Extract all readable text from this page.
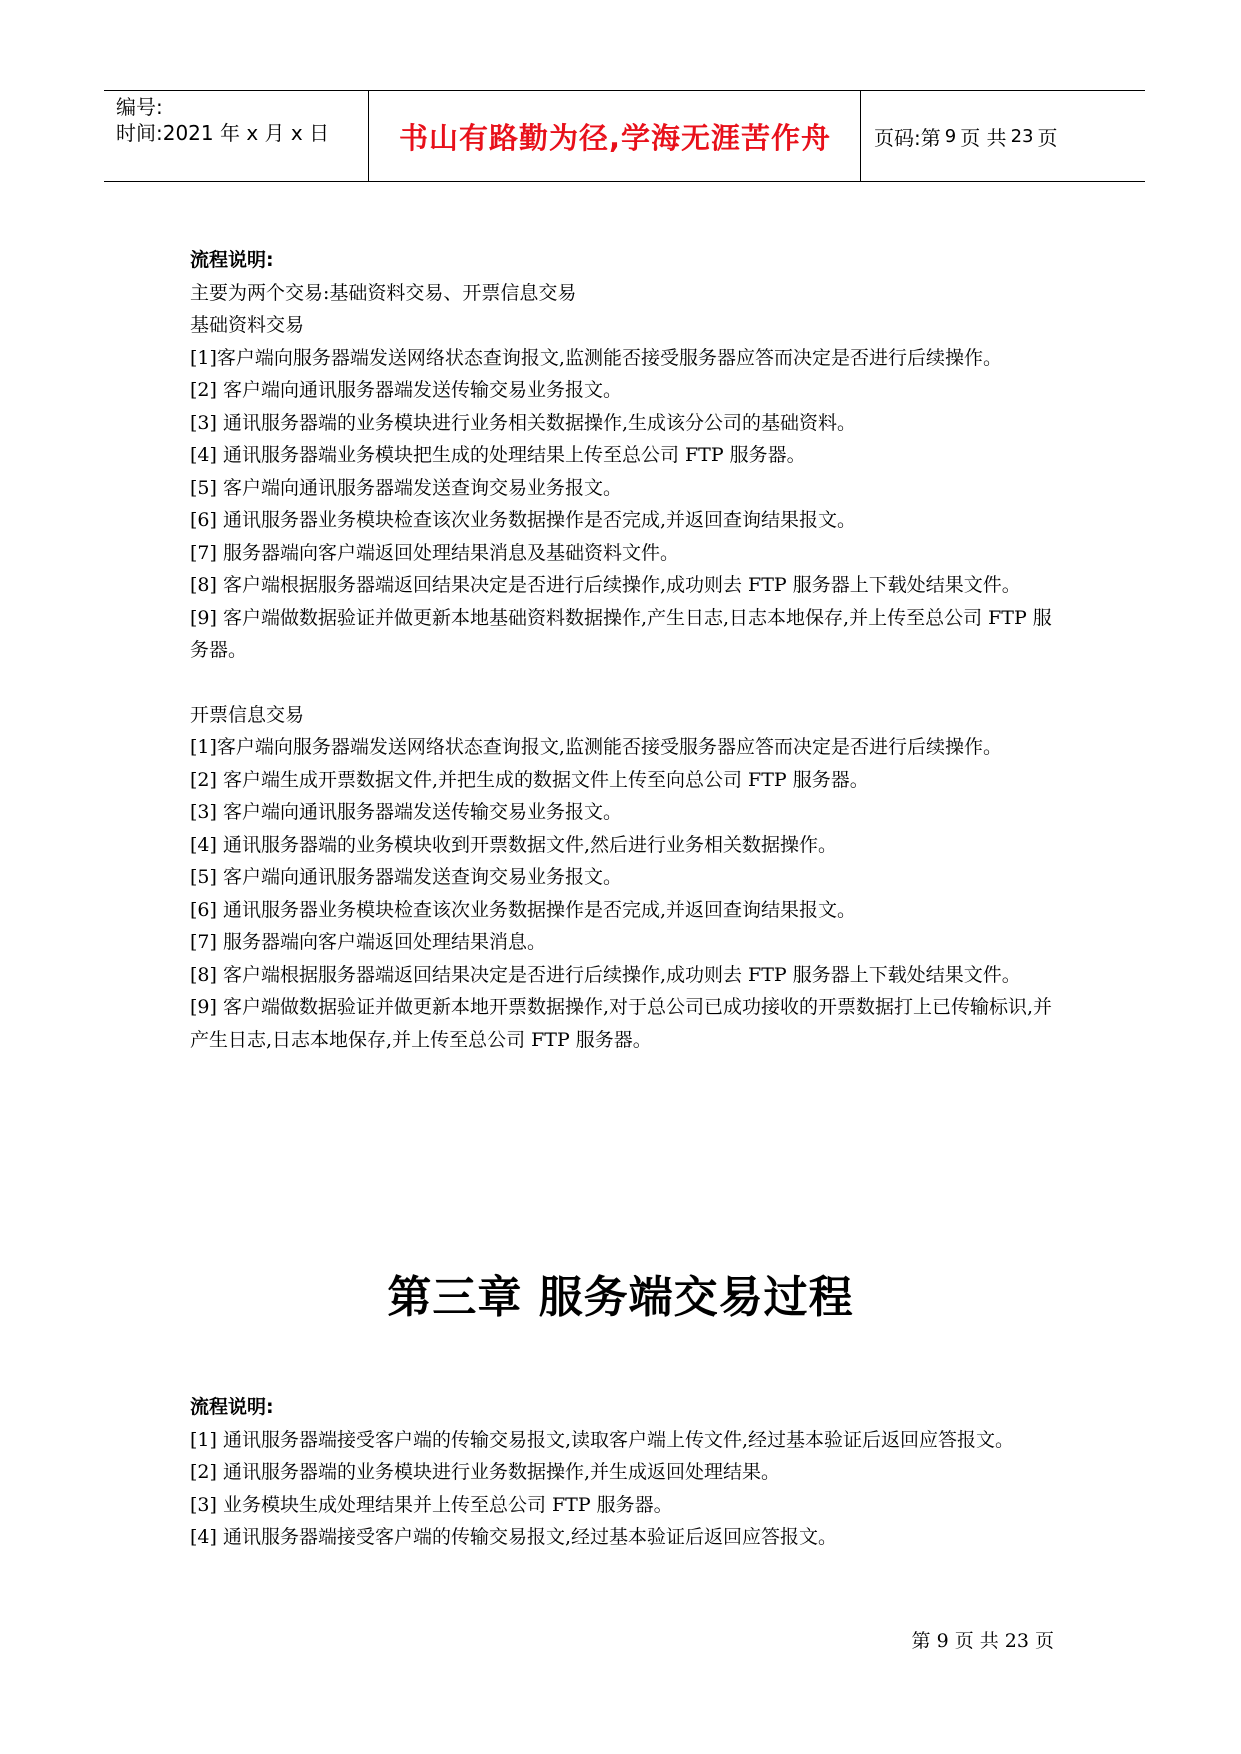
编号:
时间:2021 年 x 月 x 日	书山有路勤为径,学海无涯苦作舟	页码:第 9 页 共 23 页

流程说明:

主要为两个交易:基础资料交易、开票信息交易

基础资料交易

[1]客户端向服务器端发送网络状态查询报文,监测能否接受服务器应答而决定是否进行后续操作。

[2] 客户端向通讯服务器端发送传输交易业务报文。

[3] 通讯服务器端的业务模块进行业务相关数据操作,生成该分公司的基础资料。

[4] 通讯服务器端业务模块把生成的处理结果上传至总公司 FTP 服务器。

[5] 客户端向通讯服务器端发送查询交易业务报文。

[6] 通讯服务器业务模块检查该次业务数据操作是否完成,并返回查询结果报文。

[7] 服务器端向客户端返回处理结果消息及基础资料文件。

[8] 客户端根据服务器端返回结果决定是否进行后续操作,成功则去 FTP 服务器上下载处结果文件。

[9] 客户端做数据验证并做更新本地基础资料数据操作,产生日志,日志本地保存,并上传至总公司 FTP 服务器。

开票信息交易

[1]客户端向服务器端发送网络状态查询报文,监测能否接受服务器应答而决定是否进行后续操作。

[2] 客户端生成开票数据文件,并把生成的数据文件上传至向总公司 FTP 服务器。

[3] 客户端向通讯服务器端发送传输交易业务报文。

[4] 通讯服务器端的业务模块收到开票数据文件,然后进行业务相关数据操作。

[5] 客户端向通讯服务器端发送查询交易业务报文。

[6] 通讯服务器业务模块检查该次业务数据操作是否完成,并返回查询结果报文。

[7] 服务器端向客户端返回处理结果消息。

[8] 客户端根据服务器端返回结果决定是否进行后续操作,成功则去 FTP 服务器上下载处结果文件。

[9] 客户端做数据验证并做更新本地开票数据操作,对于总公司已成功接收的开票数据打上已传输标识,并产生日志,日志本地保存,并上传至总公司 FTP 服务器。

第三章 服务端交易过程

流程说明:

[1] 通讯服务器端接受客户端的传输交易报文,读取客户端上传文件,经过基本验证后返回应答报文。

[2] 通讯服务器端的业务模块进行业务数据操作,并生成返回处理结果。

[3] 业务模块生成处理结果并上传至总公司 FTP 服务器。

[4] 通讯服务器端接受客户端的传输交易报文,经过基本验证后返回应答报文。

第 9 页 共 23 页
